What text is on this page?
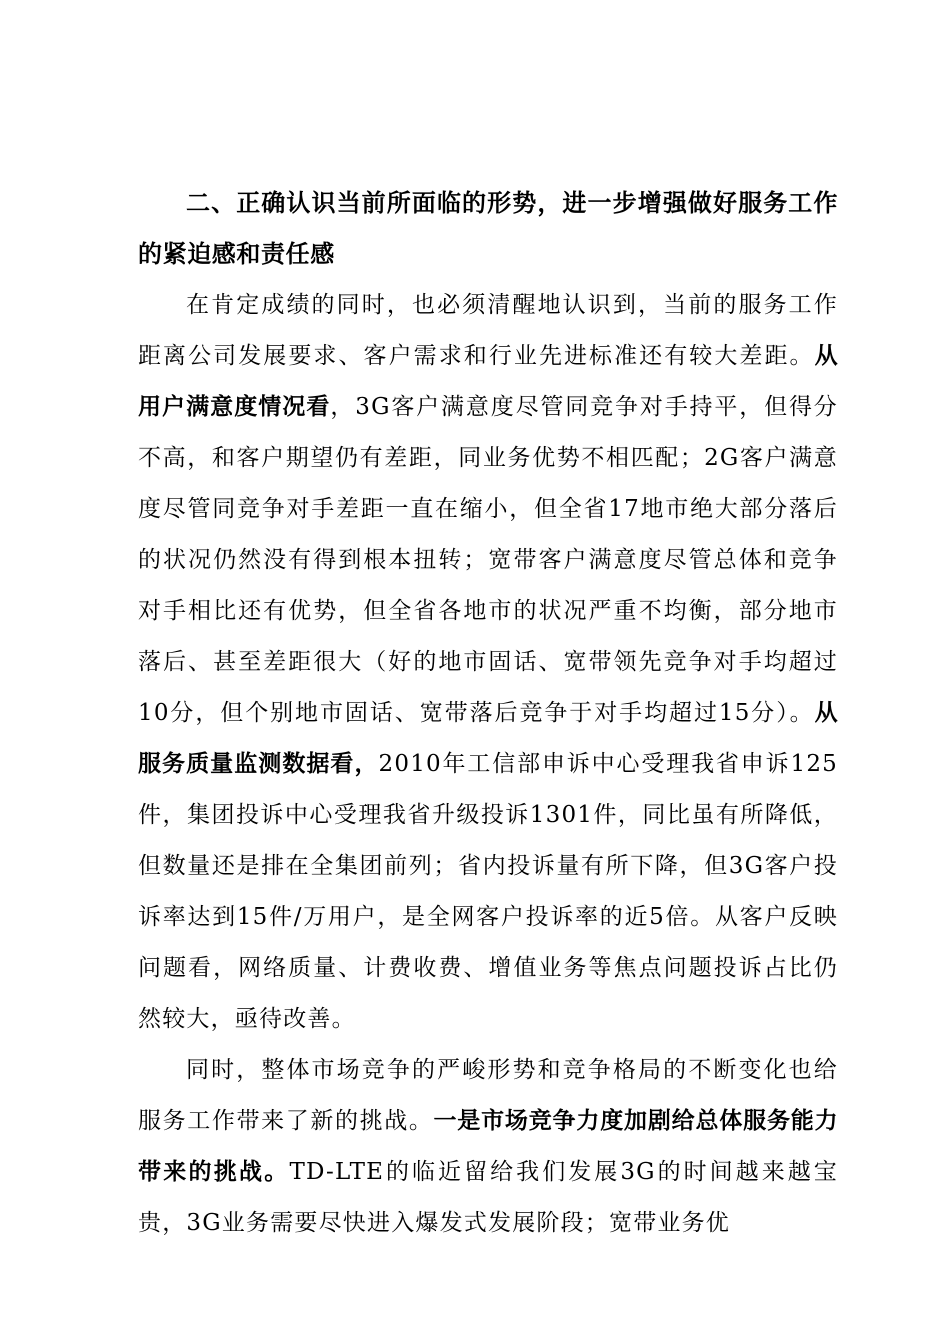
二、正确认识当前所面临的形势，进一步增强做好服务工作的紧迫感和责任感

在肯定成绩的同时，也必须清醒地认识到，当前的服务工作距离公司发展要求、客户需求和行业先进标准还有较大差距。从用户满意度情况看，3G客户满意度尽管同竞争对手持平，但得分不高，和客户期望仍有差距，同业务优势不相匹配；2G客户满意度尽管同竞争对手差距一直在缩小，但全省17地市绝大部分落后的状况仍然没有得到根本扭转；宽带客户满意度尽管总体和竞争对手相比还有优势，但全省各地市的状况严重不均衡，部分地市落后、甚至差距很大（好的地市固话、宽带领先竞争对手均超过10分，但个别地市固话、宽带落后竞争于对手均超过15分）。从服务质量监测数据看，2010年工信部申诉中心受理我省申诉125件，集团投诉中心受理我省升级投诉1301件，同比虽有所降低，但数量还是排在全集团前列；省内投诉量有所下降，但3G客户投诉率达到15件/万用户，是全网客户投诉率的近5倍。从客户反映问题看，网络质量、计费收费、增值业务等焦点问题投诉占比仍然较大，亟待改善。

同时，整体市场竞争的严峻形势和竞争格局的不断变化也给服务工作带来了新的挑战。一是市场竞争力度加剧给总体服务能力带来的挑战。TD-LTE的临近留给我们发展3G的时间越来越宝贵，3G业务需要尽快进入爆发式发展阶段；宽带业务优
